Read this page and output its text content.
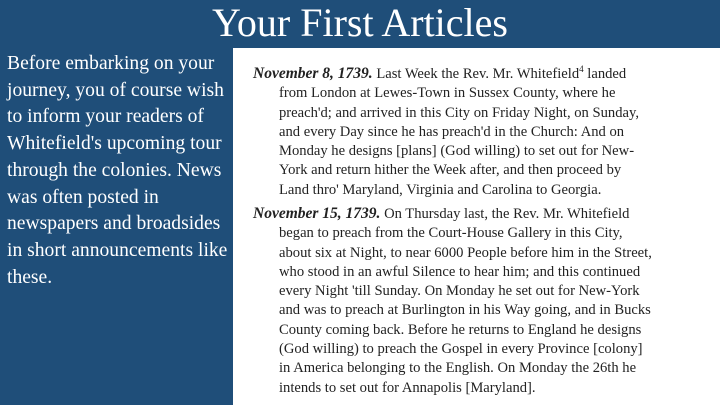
Your First Articles
Before embarking on your journey, you of course wish to inform your readers of Whitefield's upcoming tour through the colonies. News was often posted in newspapers and broadsides in short announcements like these.
November 8, 1739. Last Week the Rev. Mr. Whitefield$^4$ landed
from London at Lewes-Town in Sussex County, where he
preach'd; and arrived in this City on Friday Night, on Sunday,
and every Day since he has preach'd in the Church: And on
Monday he designs [plans] (God willing) to set out for New-
York and return hither the Week after, and then proceed by
Land thro' Maryland, Virginia and Carolina to Georgia.
November 15, 1739. On Thursday last, the Rev. Mr. Whitefield
began to preach from the Court-House Gallery in this City,
about six at Night, to near 6000 People before him in the Street,
who stood in an awful Silence to hear him; and this continued
every Night 'till Sunday. On Monday he set out for New-York
and was to preach at Burlington in his Way going, and in Bucks
County coming back. Before he returns to England he designs
(God willing) to preach the Gospel in every Province [colony]
in America belonging to the English. On Monday the 26th he
intends to set out for Annapolis [Maryland].
